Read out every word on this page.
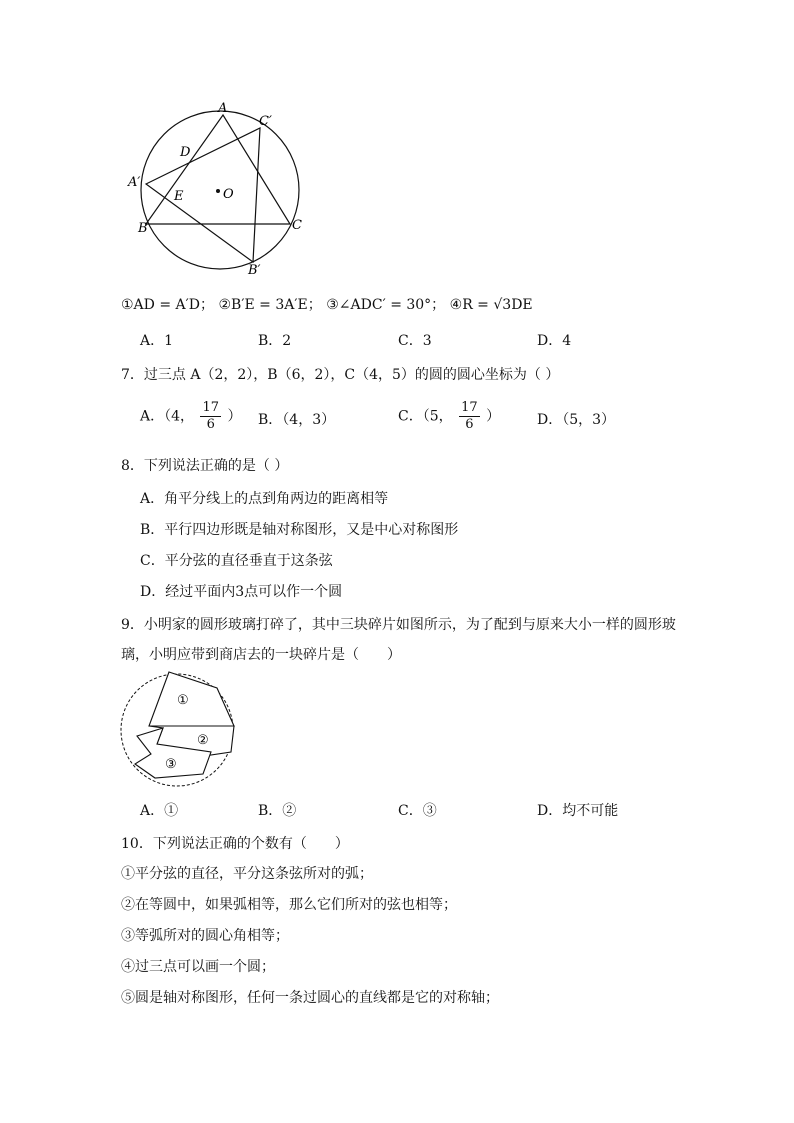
A
C′
D
A′
E	O
B	C
B′
①AD = A′D； ②B′E = 3A′E； ③∠ADC′ = 30°； ④R = √3DE
A．1	B．2	C．3	D．4
7．过三点 A（2，2），B（6，2），C（4，5）的圆的圆心坐标为（ ）
A．（4， $\frac{17}{6}$ ） B．（4，3）	C．（5， $\frac{17}{6}$ ）	D．（5，3）
8．下列说法正确的是（ ）
A．角平分线上的点到角两边的距离相等
B．平行四边形既是轴对称图形，又是中心对称图形
C．平分弦的直径垂直于这条弦
D．经过平面内3点可以作一个圆
9．小明家的圆形玻璃打碎了，其中三块碎片如图所示，为了配到与原来大小一样的圆形玻
璃，小明应带到商店去的一块碎片是（　　）
①
②
③
A．①	B．②	C．③	D．均不可能
10．下列说法正确的个数有（　　）
①平分弦的直径，平分这条弦所对的弧；
②在等圆中，如果弧相等，那么它们所对的弦也相等；
③等弧所对的圆心角相等；
④过三点可以画一个圆；
⑤圆是轴对称图形，任何一条过圆心的直线都是它的对称轴；
